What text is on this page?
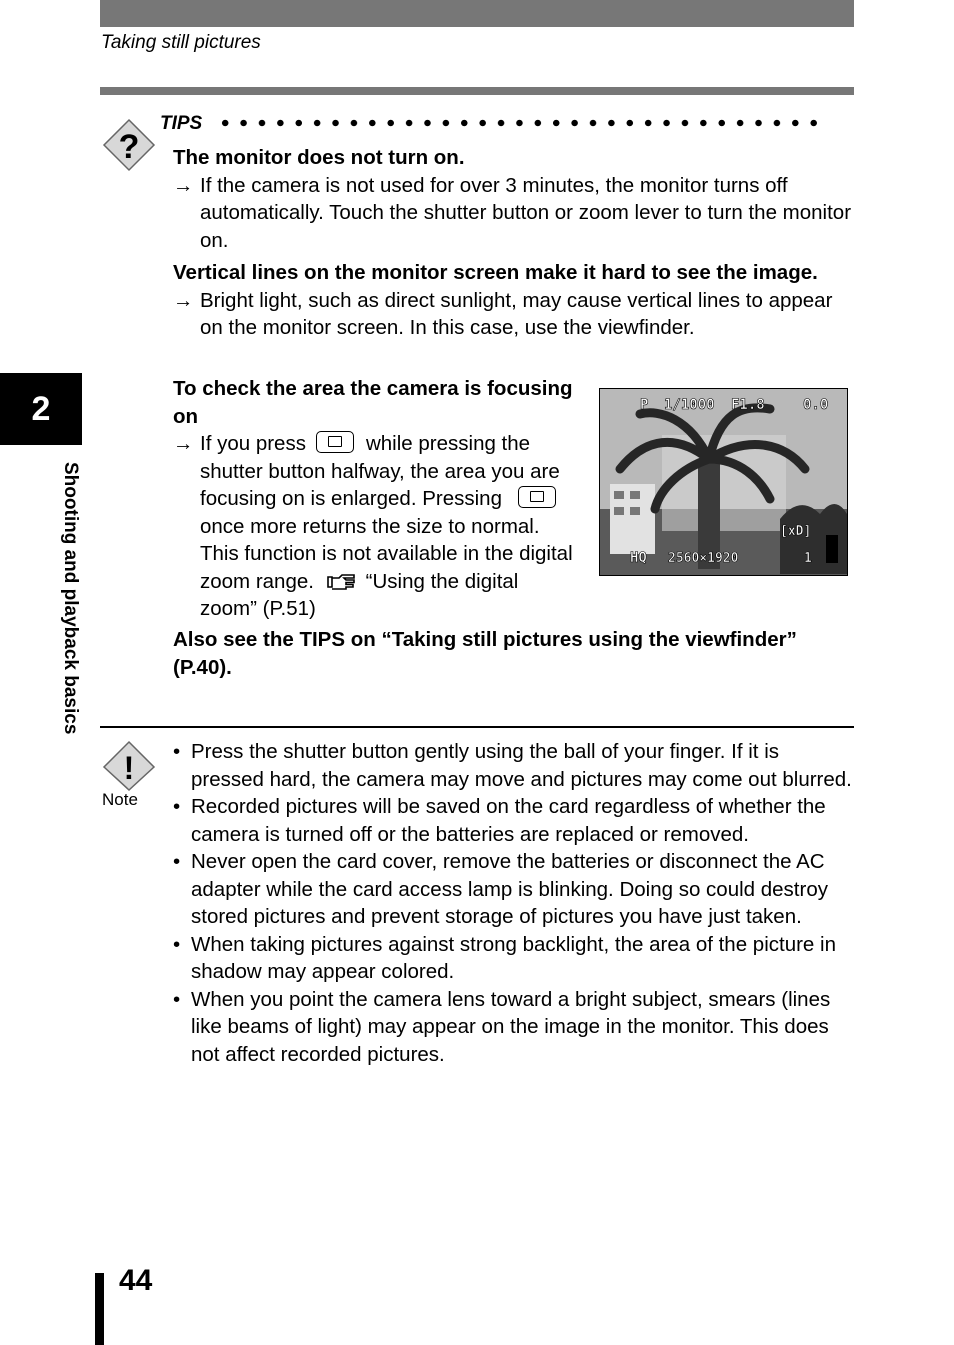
Taking still pictures
2
Shooting and playback basics
?
TIPS

The monitor does not turn on.

→ If the camera is not used for over 3 minutes, the monitor turns off automatically. Touch the shutter button or zoom lever to turn the monitor on.

Vertical lines on the monitor screen make it hard to see the image.

→ Bright light, such as direct sunlight, may cause vertical lines to appear on the monitor screen. In this case, use the viewfinder.

To check the area the camera is focusing on

→ If you press	while pressing the shutter button halfway, the area you are focusing on is enlarged. Pressing once more returns the size to normal. This function is not available in the digital zoom range.	“Using the digital zoom” (P.51)

P 1/1000 F1.8	0.0
[xD]
HQ 2560×1920	1
Also see the TIPS on “Taking still pictures using the viewfinder” (P.40).
!
Note

• Press the shutter button gently using the ball of your finger. If it is pressed hard, the camera may move and pictures may come out blurred.

• Recorded pictures will be saved on the card regardless of whether the camera is turned off or the batteries are replaced or removed.

• Never open the card cover, remove the batteries or disconnect the AC adapter while the card access lamp is blinking. Doing so could destroy stored pictures and prevent storage of pictures you have just taken.

• When taking pictures against strong backlight, the area of the picture in shadow may appear colored.

• When you point the camera lens toward a bright subject, smears (lines like beams of light) may appear on the image in the monitor. This does not affect recorded pictures.

44
